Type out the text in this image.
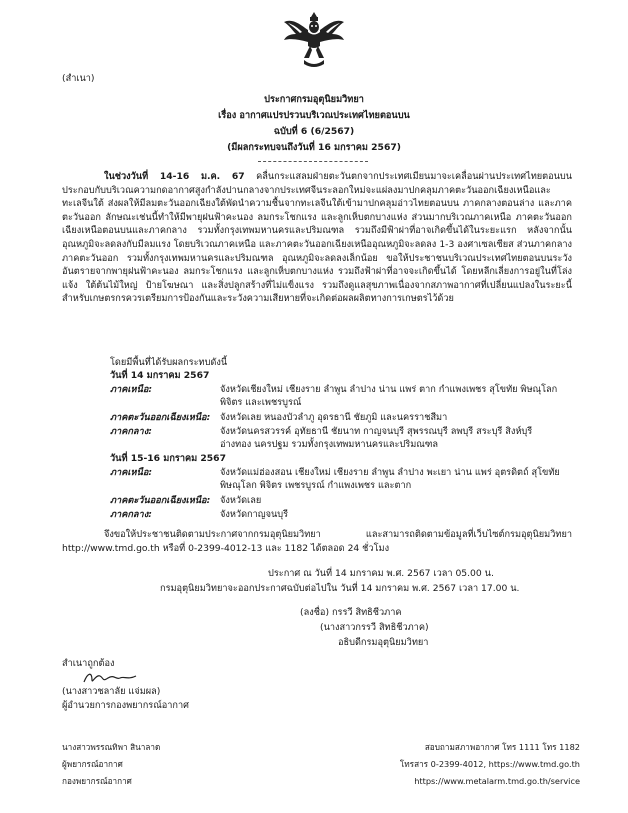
(สำเนา)
ประกาศกรมอุตุนิยมวิทยา
เรื่อง อากาศแปรปรวนบริเวณประเทศไทยตอนบน
ฉบับที่ 6 (6/2567)
(มีผลกระทบจนถึงวันที่ 16 มกราคม 2567)
ในช่วงวันที่ 14-16 ม.ค. 67 คลื่นกระแสลมฝ่ายตะวันตกจากประเทศเมียนมาจะเคลื่อนผ่านประเทศไทยตอนบน ประกอบกับบริเวณความกดอากาศสูงกำลังปานกลางจากประเทศจีนระลอกใหม่จะแผ่ลงมาปกคลุมภาคตะวันออกเฉียงเหนือและทะเลจีนใต้ ส่งผลให้มีลมตะวันออกเฉียงใต้พัดนำความชื้นจากทะเลจีนใต้เข้ามาปกคลุมอ่าวไทยตอนบน ภาคกลางตอนล่าง และภาคตะวันออก ลักษณะเช่นนี้ทำให้มีพายุฝนฟ้าคะนอง ลมกระโชกแรง และลูกเห็บตกบางแห่ง ส่วนมากบริเวณภาคเหนือ ภาคตะวันออกเฉียงเหนือตอนบนและภาคกลาง รวมทั้งกรุงเทพมหานครและปริมณฑล รวมถึงมีฟ้าผ่าที่อาจเกิดขึ้นได้ในระยะแรก หลังจากนั้นอุณหภูมิจะลดลงกับมีลมแรง โดยบริเวณภาคเหนือ และภาคตะวันออกเฉียงเหนืออุณหภูมิจะลดลง 1-3 องศาเซลเซียส ส่วนภาคกลางภาคตะวันออก รวมทั้งกรุงเทพมหานครและปริมณฑล อุณหภูมิจะลดลงเล็กน้อย ขอให้ประชาชนบริเวณประเทศไทยตอนบนระวังอันตรายจากพายุฝนฟ้าคะนอง ลมกระโชกแรง และลูกเห็บตกบางแห่ง รวมถึงฟ้าผ่าที่อาจจะเกิดขึ้นได้ โดยหลีกเลี่ยงการอยู่ในที่โล่งแจ้ง ใต้ต้นไม้ใหญ่ ป้ายโฆษณา และสิ่งปลูกสร้างที่ไม่แข็งแรง รวมถึงดูแลสุขภาพเนื่องจากสภาพอากาศที่เปลี่ยนแปลงในระยะนี้ สำหรับเกษตรกรควรเตรียมการป้องกันและระวังความเสียหายที่จะเกิดต่อผลผลิตทางการเกษตรไว้ด้วย
โดยมีพื้นที่ได้รับผลกระทบดังนี้
วันที่ 14 มกราคม 2567
ภาคเหนือ:	จังหวัดเชียงใหม่ เชียงราย ลำพูน ลำปาง น่าน แพร่ ตาก กำแพงเพชร สุโขทัย พิษณุโลก พิจิตร และเพชรบูรณ์
ภาคตะวันออกเฉียงเหนือ:	จังหวัดเลย หนองบัวลำภู อุดรธานี ชัยภูมิ และนครราชสีมา
ภาคกลาง:	จังหวัดนครสวรรค์ อุทัยธานี ชัยนาท กาญจนบุรี สุพรรณบุรี ลพบุรี สระบุรี สิงห์บุรี อ่างทอง นครปฐม รวมทั้งกรุงเทพมหานครและปริมณฑล
วันที่ 15-16 มกราคม 2567
ภาคเหนือ:	จังหวัดแม่ฮ่องสอน เชียงใหม่ เชียงราย ลำพูน ลำปาง พะเยา น่าน แพร่ อุตรดิตถ์ สุโขทัย พิษณุโลก พิจิตร เพชรบูรณ์ กำแพงเพชร และตาก
ภาคตะวันออกเฉียงเหนือ:	จังหวัดเลย
ภาคกลาง:	จังหวัดกาญจนบุรี
จึงขอให้ประชาชนติดตามประกาศจากกรมอุตุนิยมวิทยา และสามารถติดตามข้อมูลที่เว็บไซต์กรมอุตุนิยมวิทยา http://www.tmd.go.th หรือที่ 0-2399-4012-13 และ 1182 ได้ตลอด 24 ชั่วโมง
ประกาศ ณ วันที่ 14 มกราคม พ.ศ. 2567 เวลา 05.00 น.
กรมอุตุนิยมวิทยาจะออกประกาศฉบับต่อไปใน วันที่ 14 มกราคม พ.ศ. 2567 เวลา 17.00 น.
(ลงชื่อ) กรรวี สิทธิชีวภาค
(นางสาวกรรวี สิทธิชีวภาค)
อธิบดีกรมอุตุนิยมวิทยา
สำเนาถูกต้อง
(นางสาวชลาลัย แจ่มผล)
ผู้อำนวยการกองพยากรณ์อากาศ
นางสาวพรรณทิพา สินาลาด
ผู้พยากรณ์อากาศ
กองพยากรณ์อากาศ
สอบถามสภาพอากาศ โทร 1111 โทร 1182
โทรสาร 0-2399-4012, https://www.tmd.go.th
https://www.metalarm.tmd.go.th/service
